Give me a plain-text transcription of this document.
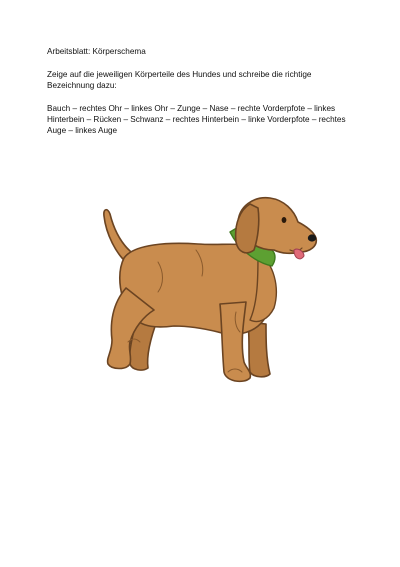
Arbeitsblatt: Körperschema

Zeige auf die jeweiligen Körperteile des Hundes und schreibe die richtige Bezeichnung dazu:

Bauch – rechtes Ohr – linkes Ohr – Zunge – Nase – rechte Vorderpfote – linkes Hinterbein – Rücken – Schwanz – rechtes Hinterbein – linke Vorderpfote – rechtes Auge – linkes Auge
